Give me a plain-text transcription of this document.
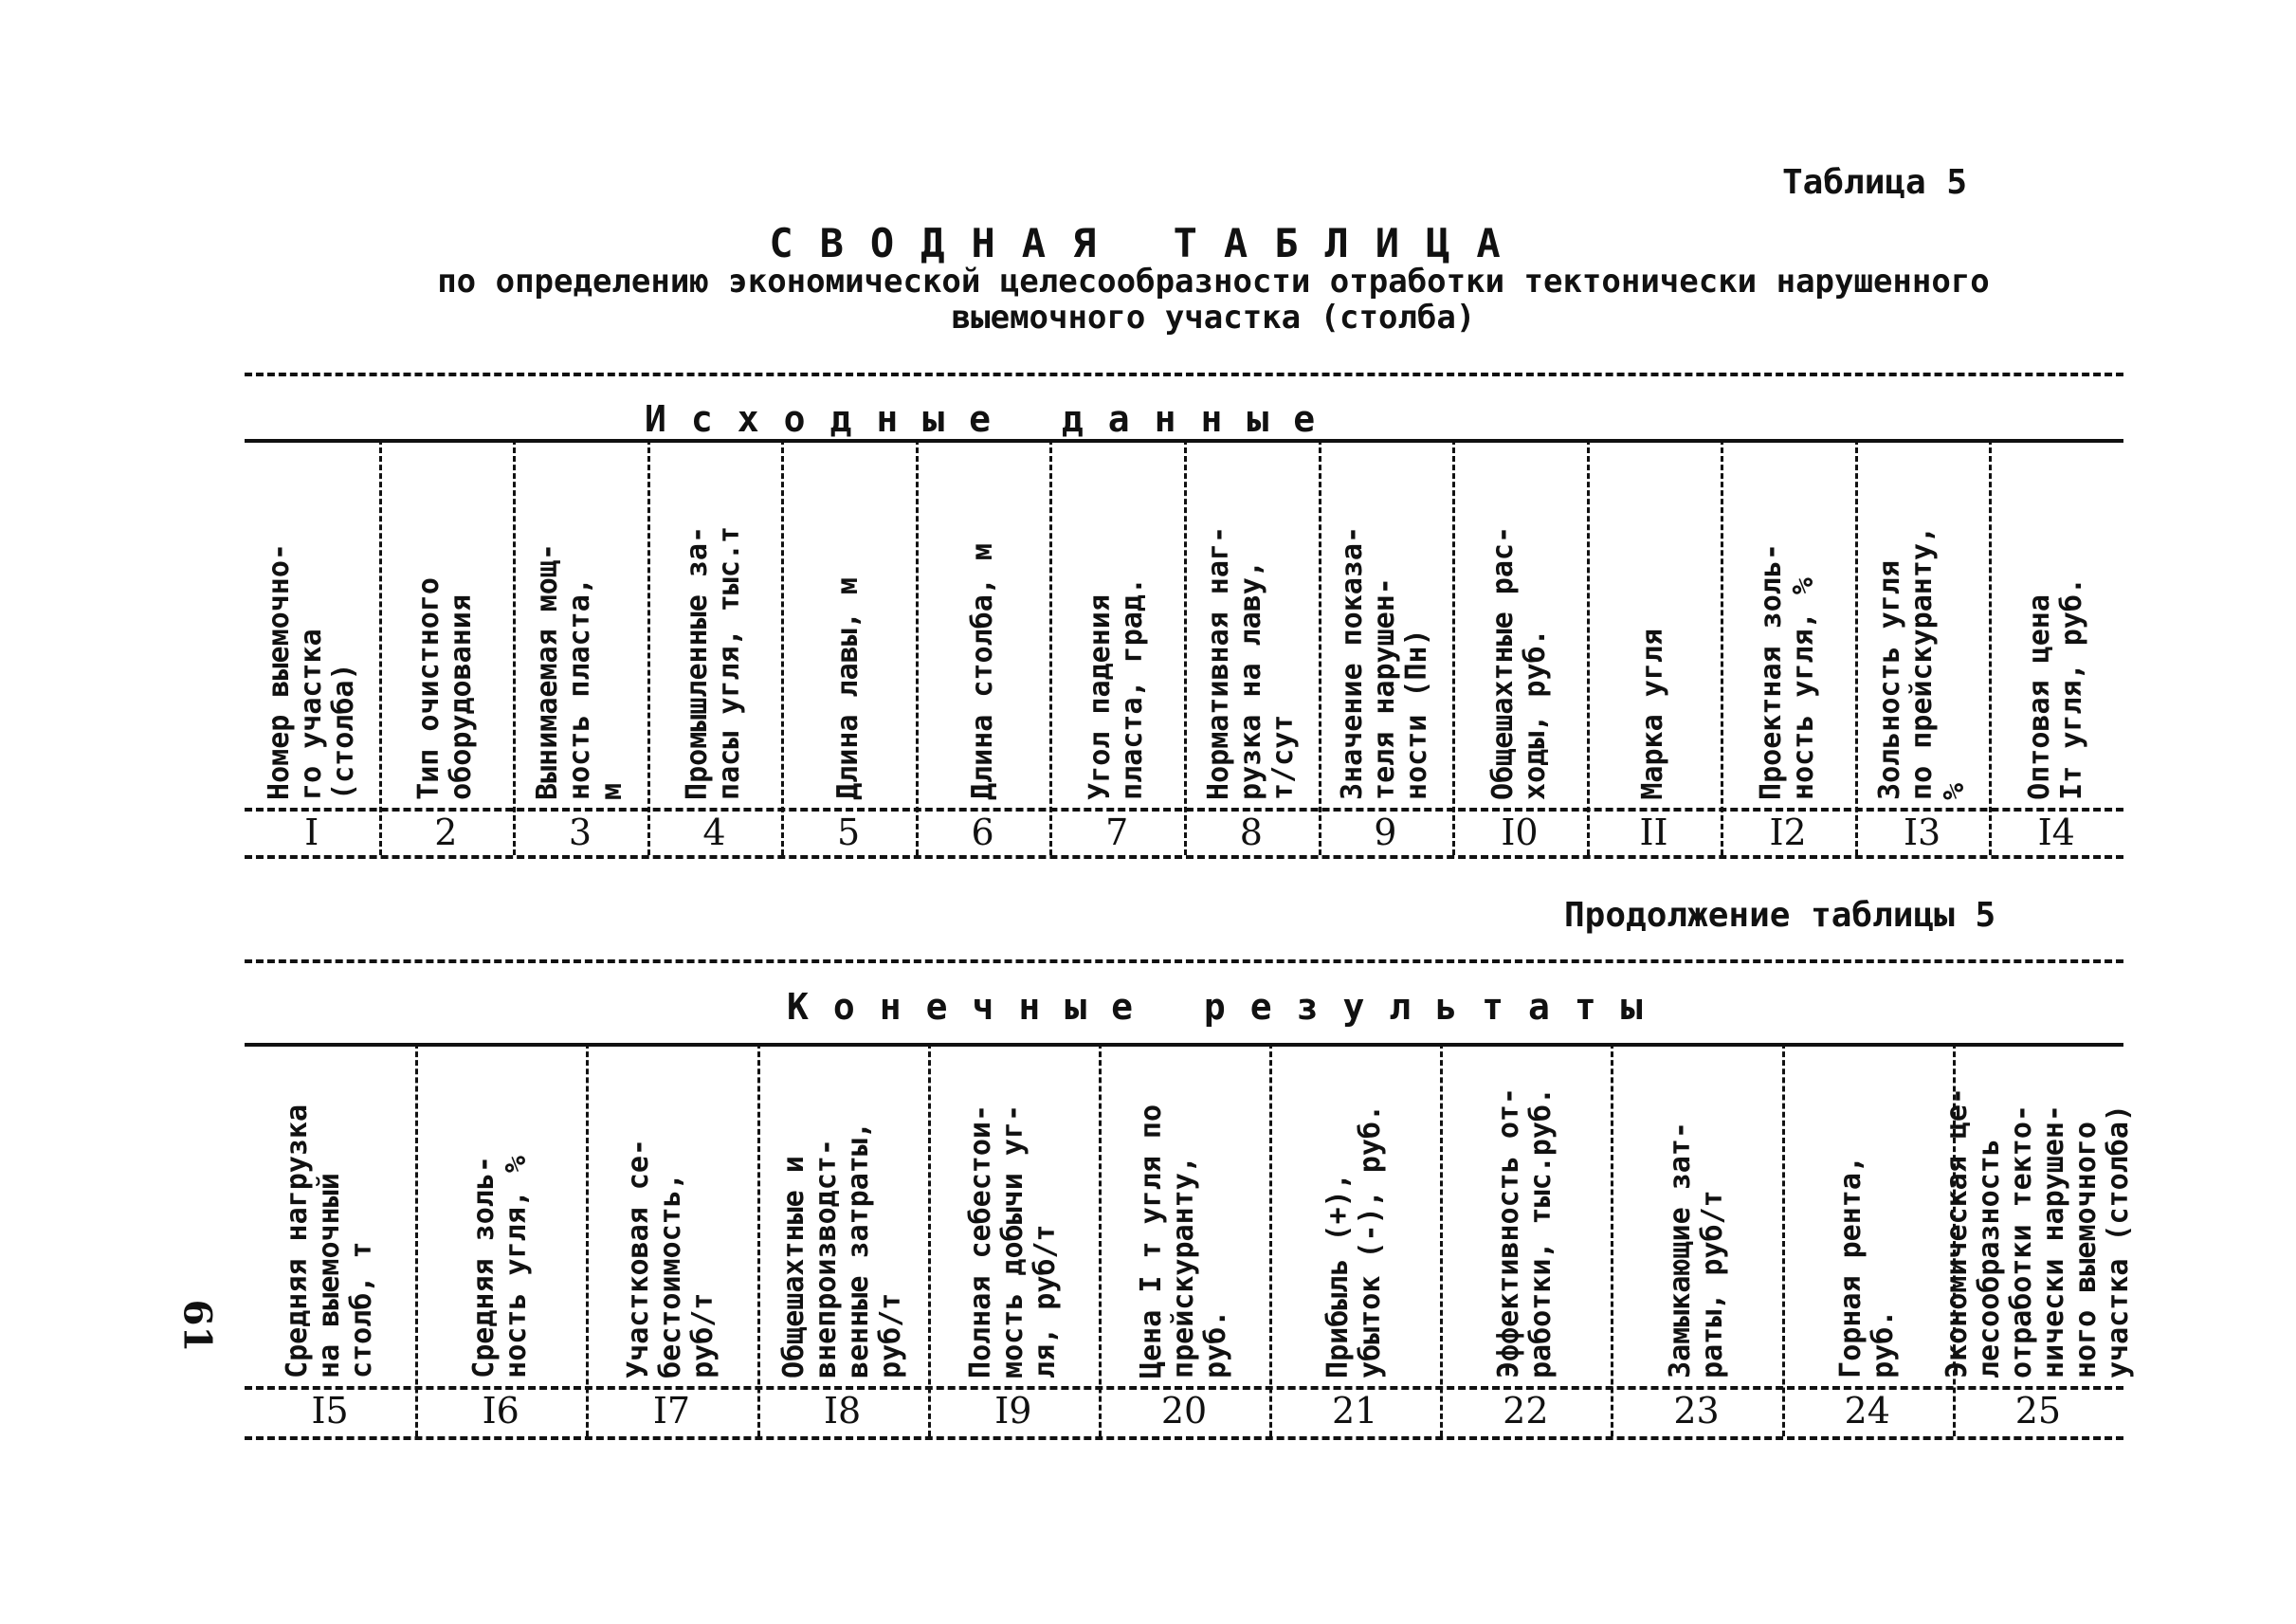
Таблица 5
СВОДНАЯ ТАБЛИЦА
по определению экономической целесообразности отработки тектонически нарушенного
выемочного участка (столба)
Исходные данные
Номер выемочно-
го участка
(столба)
I
Тип очистного
оборудования
2
Вынимаемая мощ-
ность пласта,
м
3
Промышленные за-
пасы угля, тыс.т
4
Длина лавы, м
5
Длина столба, м
6
Угол падения
пласта, град.
7
Нормативная наг-
рузка на лаву,
т/сут
8
Значение показа-
теля нарушен-
ности (Пн)
9
Общешахтные рас-
ходы, руб.
I0
Марка угля
II
Проектная золь-
ность угля, %
I2
Зольность угля
по прейскуранту,
%
I3
Оптовая цена
Iт угля, руб.
I4
Продолжение таблицы 5
Конечные результаты
Средняя нагрузка
на выемочный
столб, т
I5
Средняя золь-
ность угля, %
I6
Участковая се-
бестоимость,
руб/т
I7
Общешахтные и
внепроизводст-
венные затраты,
руб/т
I8
Полная себестои-
мость добычи уг-
ля, руб/т
I9
Цена I т угля по
прейскуранту,
руб.
20
Прибыль (+),
убыток (-), руб.
21
Эффективность от-
работки, тыс.руб.
22
Замыкающие зат-
раты, руб/т
23
Горная рента,
руб.
24
Экономическая це-
лесообразность
отработки текто-
нически нарушен-
ного выемочного
участка (столба)
25
61
